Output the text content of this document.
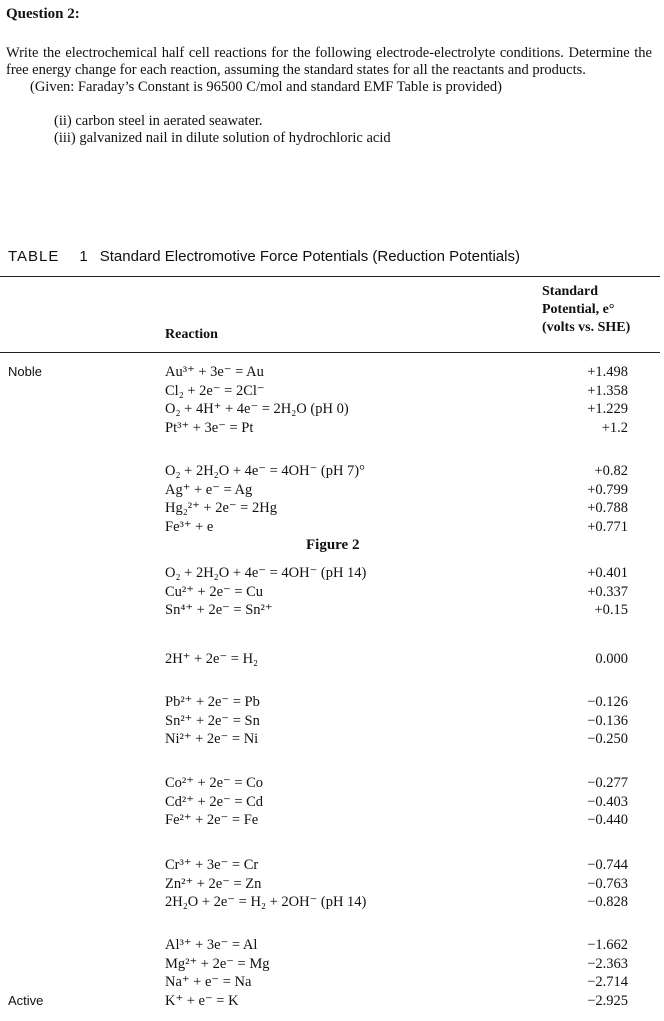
Question 2:

Write the electrochemical half cell reactions for the following electrode-electrolyte conditions. Determine the free energy change for each reaction, assuming the standard states for all the reactants and products.

(Given: Faraday’s Constant is 96500 C/mol and standard EMF Table is provided)

(ii) carbon steel in aerated seawater.
(iii) galvanized nail in dilute solution of hydrochloric acid
TABLE 1 Standard Electromotive Force Potentials (Reduction Potentials)
Reaction
Standard
Potential, e°
(volts vs. SHE)
Figure 2
Noble	Au³⁺ + 3e⁻ = Au	+1.498
Cl₂ + 2e⁻ = 2Cl⁻	+1.358
O₂ + 4H⁺ + 4e⁻ = 2H₂O (pH 0)	+1.229
Pt³⁺ + 3e⁻ = Pt	+1.2
O₂ + 2H₂O + 4e⁻ = 4OH⁻ (pH 7)°	+0.82
Ag⁺ + e⁻ = Ag	+0.799
Hg₂²⁺ + 2e⁻ = 2Hg	+0.788
Fe³⁺ + e	+0.771
O₂ + 2H₂O + 4e⁻ = 4OH⁻ (pH 14)	+0.401
Cu²⁺ + 2e⁻ = Cu	+0.337
Sn⁴⁺ + 2e⁻ = Sn²⁺	+0.15
2H⁺ + 2e⁻ = H₂	0.000
Pb²⁺ + 2e⁻ = Pb	−0.126
Sn²⁺ + 2e⁻ = Sn	−0.136
Ni²⁺ + 2e⁻ = Ni	−0.250
Co²⁺ + 2e⁻ = Co	−0.277
Cd²⁺ + 2e⁻ = Cd	−0.403
Fe²⁺ + 2e⁻ = Fe	−0.440
Cr³⁺ + 3e⁻ = Cr	−0.744
Zn²⁺ + 2e⁻ = Zn	−0.763
2H₂O + 2e⁻ = H₂ + 2OH⁻ (pH 14)	−0.828
Al³⁺ + 3e⁻ = Al	−1.662
Mg²⁺ + 2e⁻ = Mg	−2.363
Na⁺ + e⁻ = Na	−2.714
Active	K⁺ + e⁻ = K	−2.925
